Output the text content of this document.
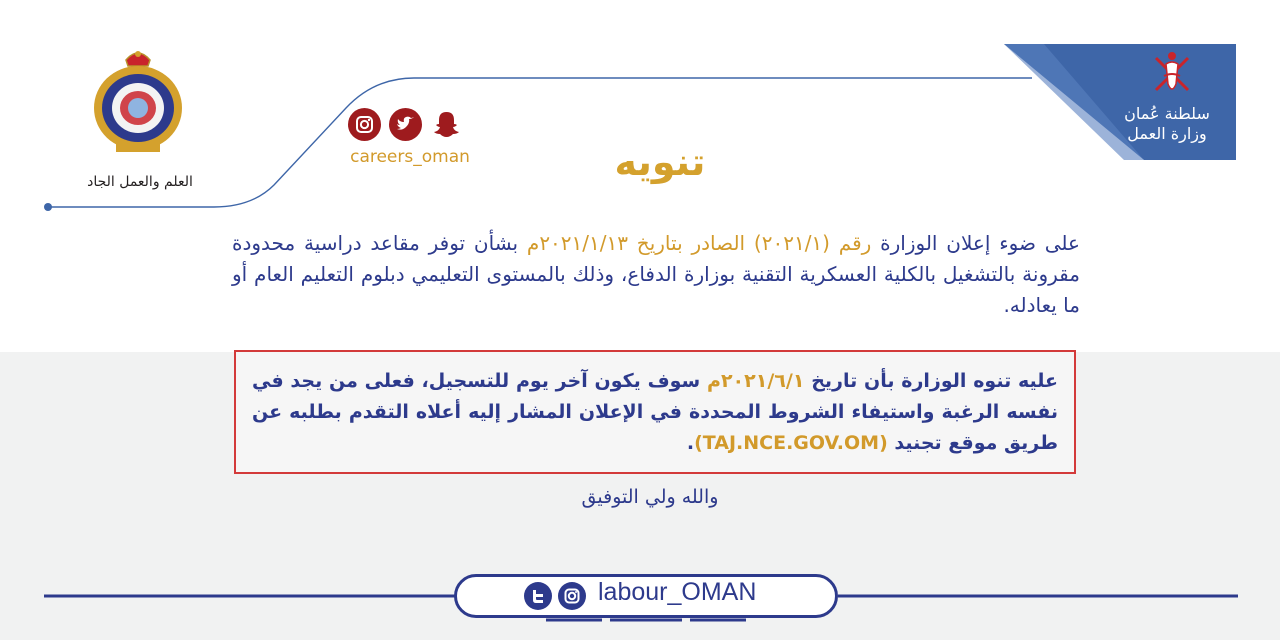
سلطنة عُمان
وزارة العمل
العلم والعمل الجاد
careers_oman	تنويه
على ضوء إعلان الوزارة رقم (٢٠٢١/١) الصادر بتاريخ ٢٠٢١/١/١٣م بشأن توفر مقاعد دراسية محدودة مقرونة بالتشغيل بالكلية العسكرية التقنية بوزارة الدفاع، وذلك بالمستوى التعليمي دبلوم التعليم العام أو ما يعادله.
عليه تنوه الوزارة بأن تاريخ ٢٠٢١/٦/١م سوف يكون آخر يوم للتسجيل، فعلى من يجد في نفسه الرغبة واستيفاء الشروط المحددة في الإعلان المشار إليه أعلاه التقدم بطلبه عن طريق موقع تجنيد (TAJ.NCE.GOV.OM).
والله ولي التوفيق
labour_OMAN
